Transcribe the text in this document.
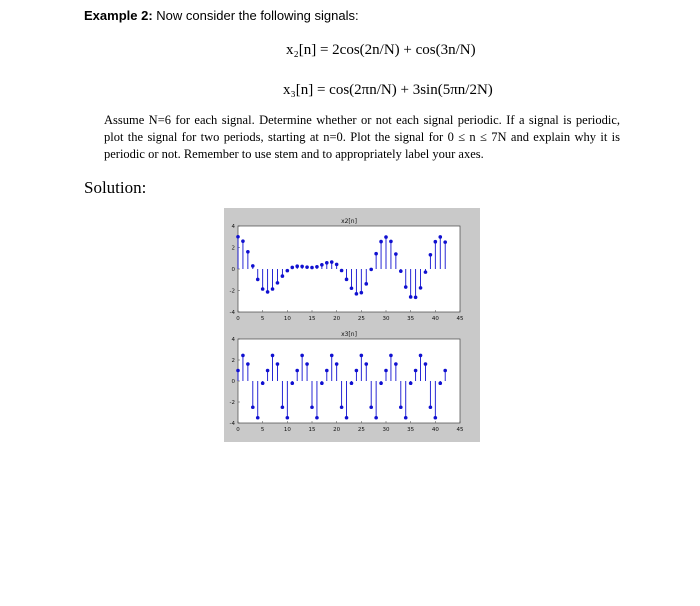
Example 2: Now consider the following signals:
x₂[n] = 2cos(2n/N) + cos(3n/N)
x₃[n] = cos(2πn/N) + 3sin(5πn/2N)
Assume N=6 for each signal. Determine whether or not each signal periodic. If a signal is periodic, plot the signal for two periods, starting at n=0. Plot the signal for 0 ≤ n ≤ 7N and explain why it is periodic or not. Remember to use stem and to appropriately label your axes.
Solution:
x2[n]
0	5	10	15	20	25	30	35	40	45
4
2
0
-2
-4
x3[n]
0	5	10	15	20	25	30	35	40	45
4
2
0
-2
-4
